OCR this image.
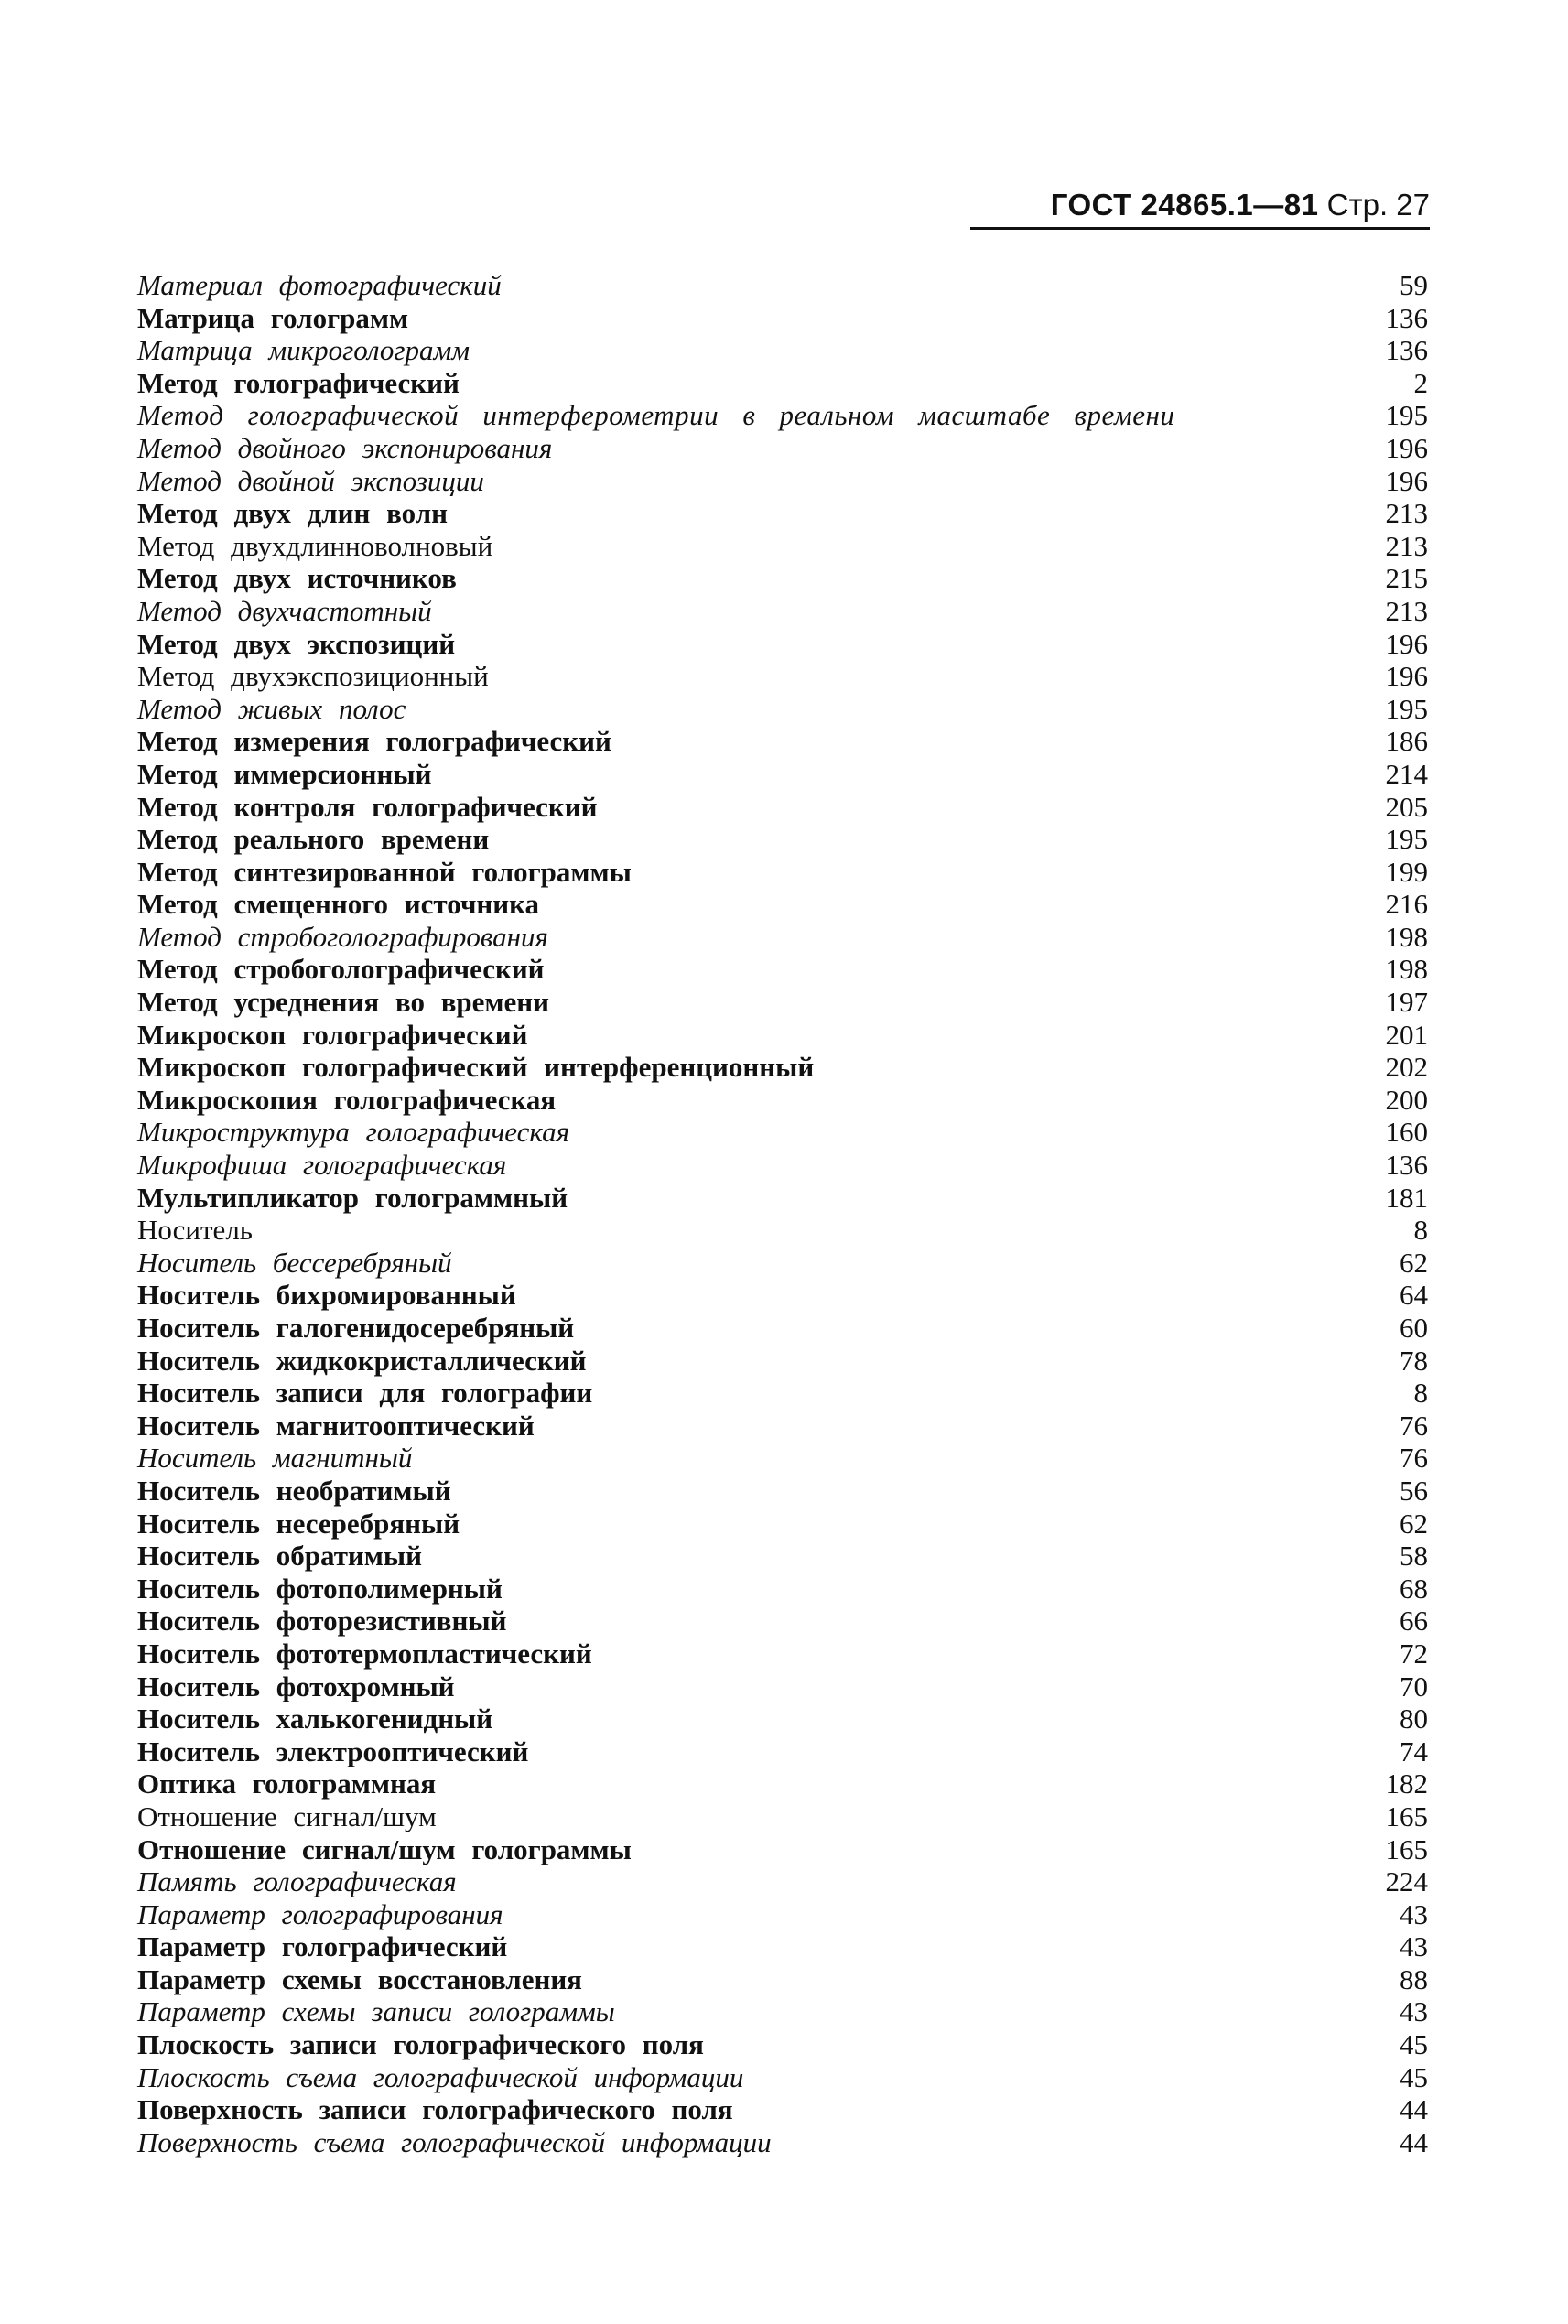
ГОСТ 24865.1—81 Стр. 27
Материал фотографический	59
Матрица голограмм	136
Матрица микроголограмм	136
Метод голографический	2
Метод голографической интерферометрии в реальном масштабе времени	195
Метод двойного экспонирования	196
Метод двойной экспозиции	196
Метод двух длин волн	213
Метод двухдлинноволновый	213
Метод двух источников	215
Метод двухчастотный	213
Метод двух экспозиций	196
Метод двухэкспозиционный	196
Метод живых полос	195
Метод измерения голографический	186
Метод иммерсионный	214
Метод контроля голографический	205
Метод реального времени	195
Метод синтезированной голограммы	199
Метод смещенного источника	216
Метод стробоголографирования	198
Метод стробоголографический	198
Метод усреднения во времени	197
Микроскоп голографический	201
Микроскоп голографический интерференционный	202
Микроскопия голографическая	200
Микроструктура голографическая	160
Микрофиша голографическая	136
Мультипликатор голограммный	181
Носитель	8
Носитель бессеребряный	62
Носитель бихромированный	64
Носитель галогенидосеребряный	60
Носитель жидкокристаллический	78
Носитель записи для голографии	8
Носитель магнитооптический	76
Носитель магнитный	76
Носитель необратимый	56
Носитель несеребряный	62
Носитель обратимый	58
Носитель фотополимерный	68
Носитель фоторезистивный	66
Носитель фототермопластический	72
Носитель фотохромный	70
Носитель халькогенидный	80
Носитель электрооптический	74
Оптика голограммная	182
Отношение сигнал/шум	165
Отношение сигнал/шум голограммы	165
Память голографическая	224
Параметр голографирования	43
Параметр голографический	43
Параметр схемы восстановления	88
Параметр схемы записи голограммы	43
Плоскость записи голографического поля	45
Плоскость съема голографической информации	45
Поверхность записи голографического поля	44
Поверхность съема голографической информации	44
